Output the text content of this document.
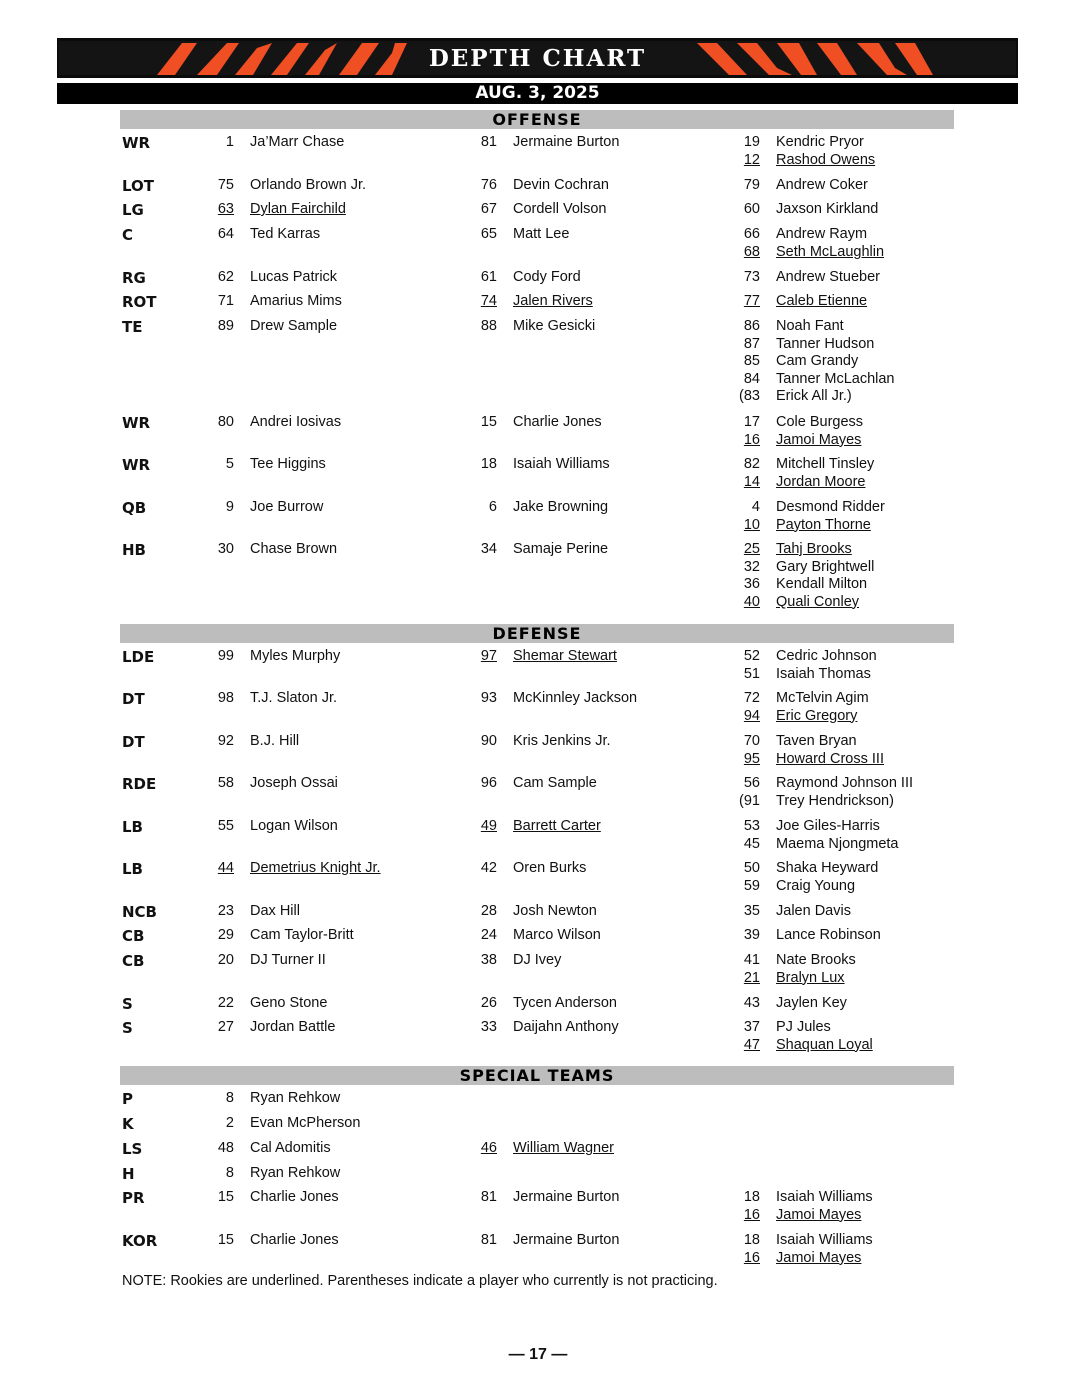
DEPTH CHART
AUG. 3, 2025
OFFENSE
WR	1 Ja’Marr Chase	81 Jermaine Burton	19 Kendric Pryor
12 Rashod Owens
LOT	75 Orlando Brown Jr.	76 Devin Cochran	79 Andrew Coker
LG	63 Dylan Fairchild	67 Cordell Volson	60 Jaxson Kirkland
C	64 Ted Karras	65 Matt Lee	66 Andrew Raym
68 Seth McLaughlin
RG	62 Lucas Patrick	61 Cody Ford	73 Andrew Stueber
ROT	71 Amarius Mims	74 Jalen Rivers	77 Caleb Etienne
TE	89 Drew Sample	88 Mike Gesicki	86 Noah Fant
87 Tanner Hudson
85 Cam Grandy
84 Tanner McLachlan
(83 Erick All Jr.)
WR	80 Andrei Iosivas	15 Charlie Jones	17 Cole Burgess
16 Jamoi Mayes
WR	5 Tee Higgins	18 Isaiah Williams	82 Mitchell Tinsley
14 Jordan Moore
QB	9 Joe Burrow	6 Jake Browning	4 Desmond Ridder
10 Payton Thorne
HB	30 Chase Brown	34 Samaje Perine	25 Tahj Brooks
32 Gary Brightwell
36 Kendall Milton
40 Quali Conley
DEFENSE
LDE	99 Myles Murphy	97 Shemar Stewart	52 Cedric Johnson
51 Isaiah Thomas
DT	98 T.J. Slaton Jr.	93 McKinnley Jackson	72 McTelvin Agim
94 Eric Gregory
DT	92 B.J. Hill	90 Kris Jenkins Jr.	70 Taven Bryan
95 Howard Cross III
RDE	58 Joseph Ossai	96 Cam Sample	56 Raymond Johnson III
(91 Trey Hendrickson)
LB	55 Logan Wilson	49 Barrett Carter	53 Joe Giles-Harris
45 Maema Njongmeta
LB	44 Demetrius Knight Jr.	42 Oren Burks	50 Shaka Heyward
59 Craig Young
NCB	23 Dax Hill	28 Josh Newton	35 Jalen Davis
CB	29 Cam Taylor-Britt	24 Marco Wilson	39 Lance Robinson
CB	20 DJ Turner II	38 DJ Ivey	41 Nate Brooks
21 Bralyn Lux
S	22 Geno Stone	26 Tycen Anderson	43 Jaylen Key
S	27 Jordan Battle	33 Daijahn Anthony	37 PJ Jules
47 Shaquan Loyal
SPECIAL TEAMS
P	8 Ryan Rehkow
K	2 Evan McPherson
LS	48 Cal Adomitis	46 William Wagner
H	8 Ryan Rehkow
PR	15 Charlie Jones	81 Jermaine Burton	18 Isaiah Williams
16 Jamoi Mayes
KOR	15 Charlie Jones	81 Jermaine Burton	18 Isaiah Williams
16 Jamoi Mayes
NOTE: Rookies are underlined. Parentheses indicate a player who currently is not practicing.
— 17 —
